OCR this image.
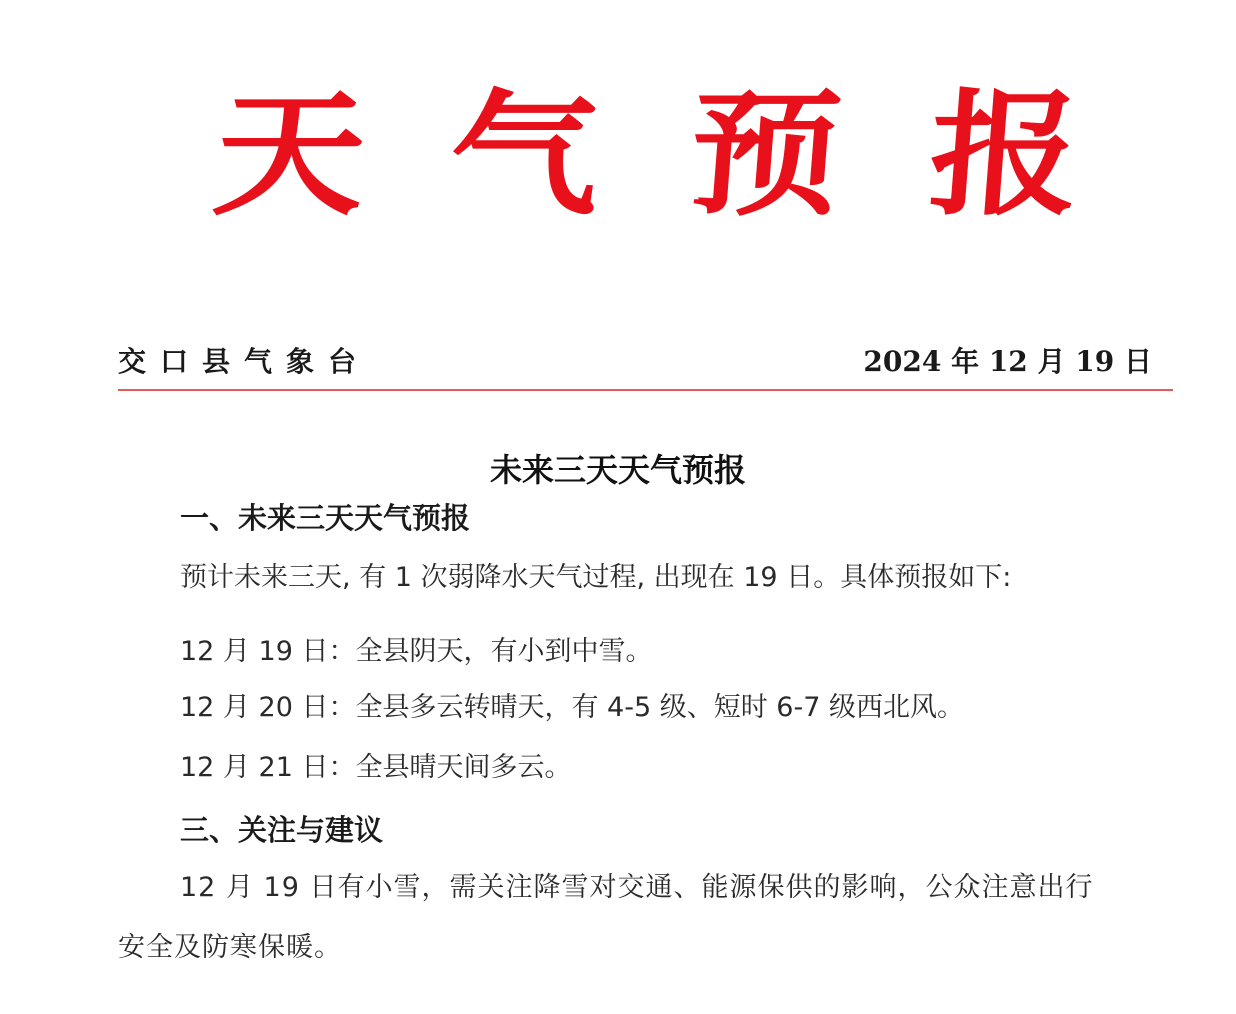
天 气 预 报
交口县气象台	2024 年 12 月 19 日
未来三天天气预报
一、未来三天天气预报
预计未来三天, 有 1 次弱降水天气过程, 出现在 19 日。具体预报如下:
12 月 19 日：全县阴天，有小到中雪。
12 月 20 日：全县多云转晴天，有 4-5 级、短时 6-7 级西北风。
12 月 21 日：全县晴天间多云。
三、关注与建议
12 月 19 日有小雪，需关注降雪对交通、能源保供的影响，公众注意出行
安全及防寒保暖。
